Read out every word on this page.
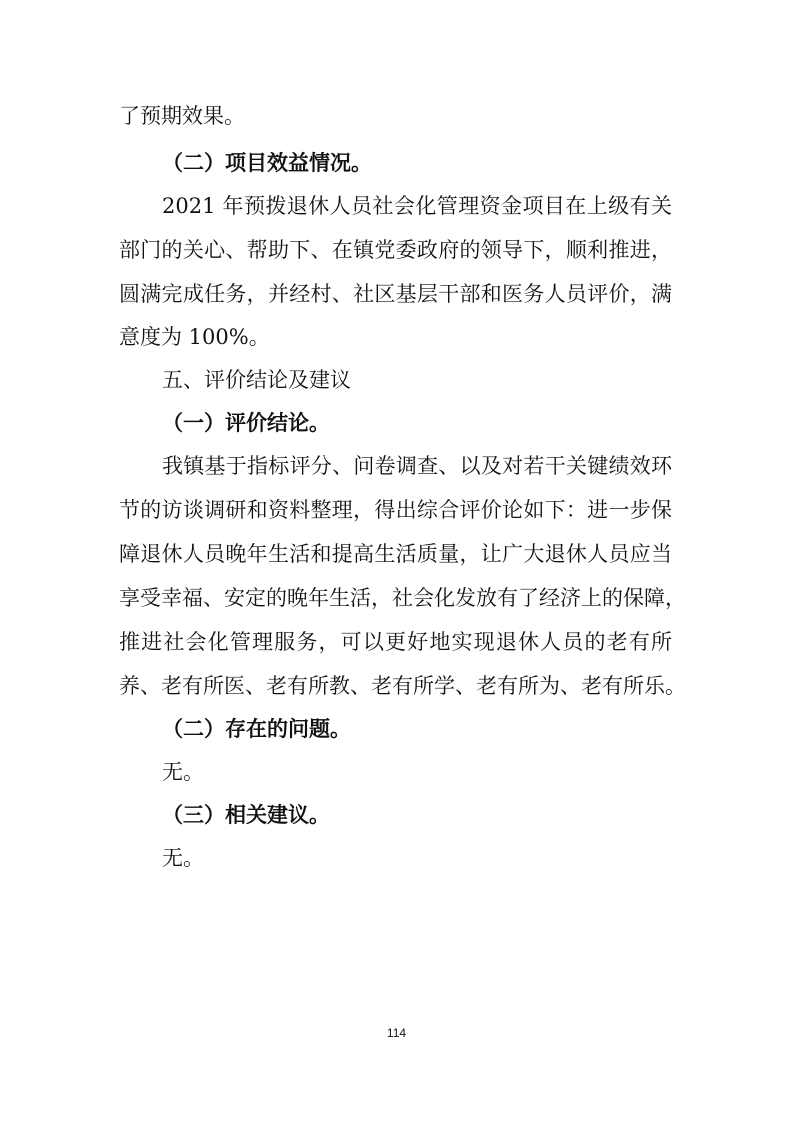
了预期效果。
（二）项目效益情况。
2021 年预拨退休人员社会化管理资金项目在上级有关
部门的关心、帮助下、在镇党委政府的领导下，顺利推进，
圆满完成任务，并经村、社区基层干部和医务人员评价，满
意度为 100%。
五、评价结论及建议
（一）评价结论。
我镇基于指标评分、问卷调查、以及对若干关键绩效环
节的访谈调研和资料整理，得出综合评价论如下：进一步保
障退休人员晚年生活和提高生活质量，让广大退休人员应当
享受幸福、安定的晚年生活，社会化发放有了经济上的保障，
推进社会化管理服务，可以更好地实现退休人员的老有所
养、老有所医、老有所教、老有所学、老有所为、老有所乐。
（二）存在的问题。
无。
（三）相关建议。
无。
114
